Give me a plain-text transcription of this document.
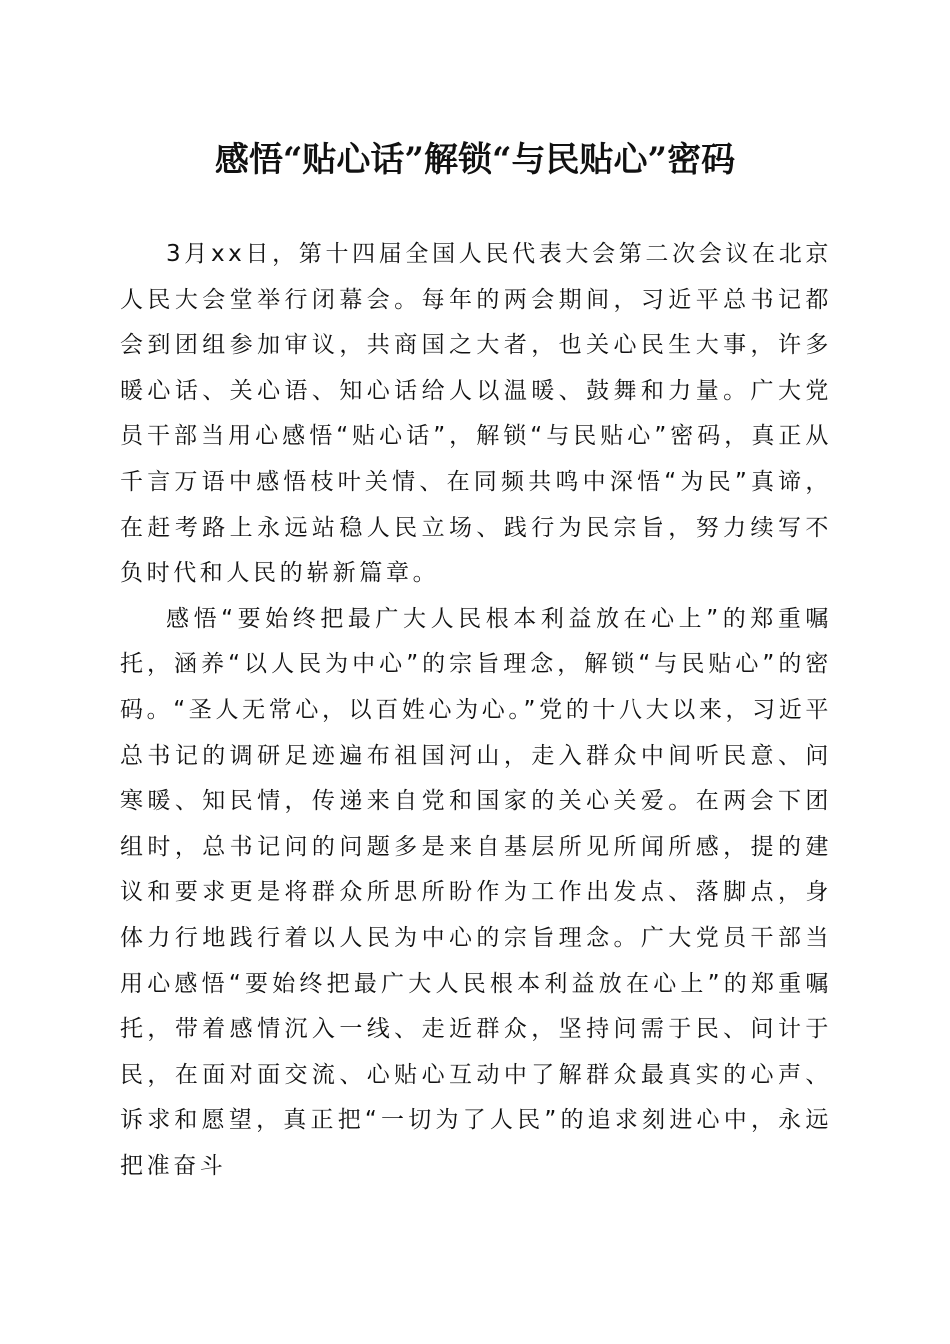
感悟“贴心话”解锁“与民贴心”密码

3月xx日，第十四届全国人民代表大会第二次会议在北京人民大会堂举行闭幕会。每年的两会期间，习近平总书记都会到团组参加审议，共商国之大者，也关心民生大事，许多暖心话、关心语、知心话给人以温暖、鼓舞和力量。广大党员干部当用心感悟“贴心话”，解锁“与民贴心”密码，真正从千言万语中感悟枝叶关情、在同频共鸣中深悟“为民”真谛，在赶考路上永远站稳人民立场、践行为民宗旨，努力续写不负时代和人民的崭新篇章。

感悟“要始终把最广大人民根本利益放在心上”的郑重嘱托，涵养“以人民为中心”的宗旨理念，解锁“与民贴心”的密码。“圣人无常心，以百姓心为心。”党的十八大以来，习近平总书记的调研足迹遍布祖国河山，走入群众中间听民意、问寒暖、知民情，传递来自党和国家的关心关爱。在两会下团组时，总书记问的问题多是来自基层所见所闻所感，提的建议和要求更是将群众所思所盼作为工作出发点、落脚点，身体力行地践行着以人民为中心的宗旨理念。广大党员干部当用心感悟“要始终把最广大人民根本利益放在心上”的郑重嘱托，带着感情沉入一线、走近群众，坚持问需于民、问计于民，在面对面交流、心贴心互动中了解群众最真实的心声、诉求和愿望，真正把“一切为了人民”的追求刻进心中，永远把准奋斗
